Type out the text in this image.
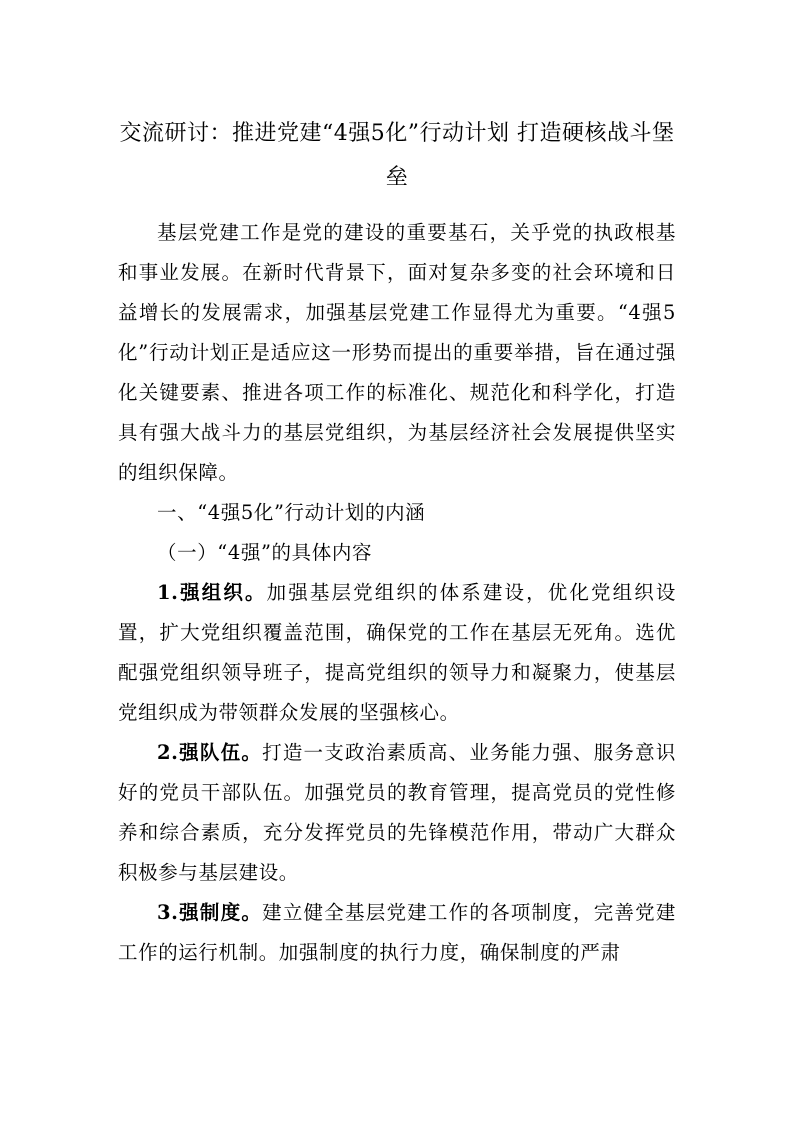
交流研讨：推进党建“4强5化”行动计划 打造硬核战斗堡垒

基层党建工作是党的建设的重要基石，关乎党的执政根基和事业发展。在新时代背景下，面对复杂多变的社会环境和日益增长的发展需求，加强基层党建工作显得尤为重要。“4强5化”行动计划正是适应这一形势而提出的重要举措，旨在通过强化关键要素、推进各项工作的标准化、规范化和科学化，打造具有强大战斗力的基层党组织，为基层经济社会发展提供坚实的组织保障。

一、“4强5化”行动计划的内涵

（一）“4强”的具体内容

1.强组织。加强基层党组织的体系建设，优化党组织设置，扩大党组织覆盖范围，确保党的工作在基层无死角。选优配强党组织领导班子，提高党组织的领导力和凝聚力，使基层党组织成为带领群众发展的坚强核心。

2.强队伍。打造一支政治素质高、业务能力强、服务意识好的党员干部队伍。加强党员的教育管理，提高党员的党性修养和综合素质，充分发挥党员的先锋模范作用，带动广大群众积极参与基层建设。

3.强制度。建立健全基层党建工作的各项制度，完善党建工作的运行机制。加强制度的执行力度，确保制度的严肃
